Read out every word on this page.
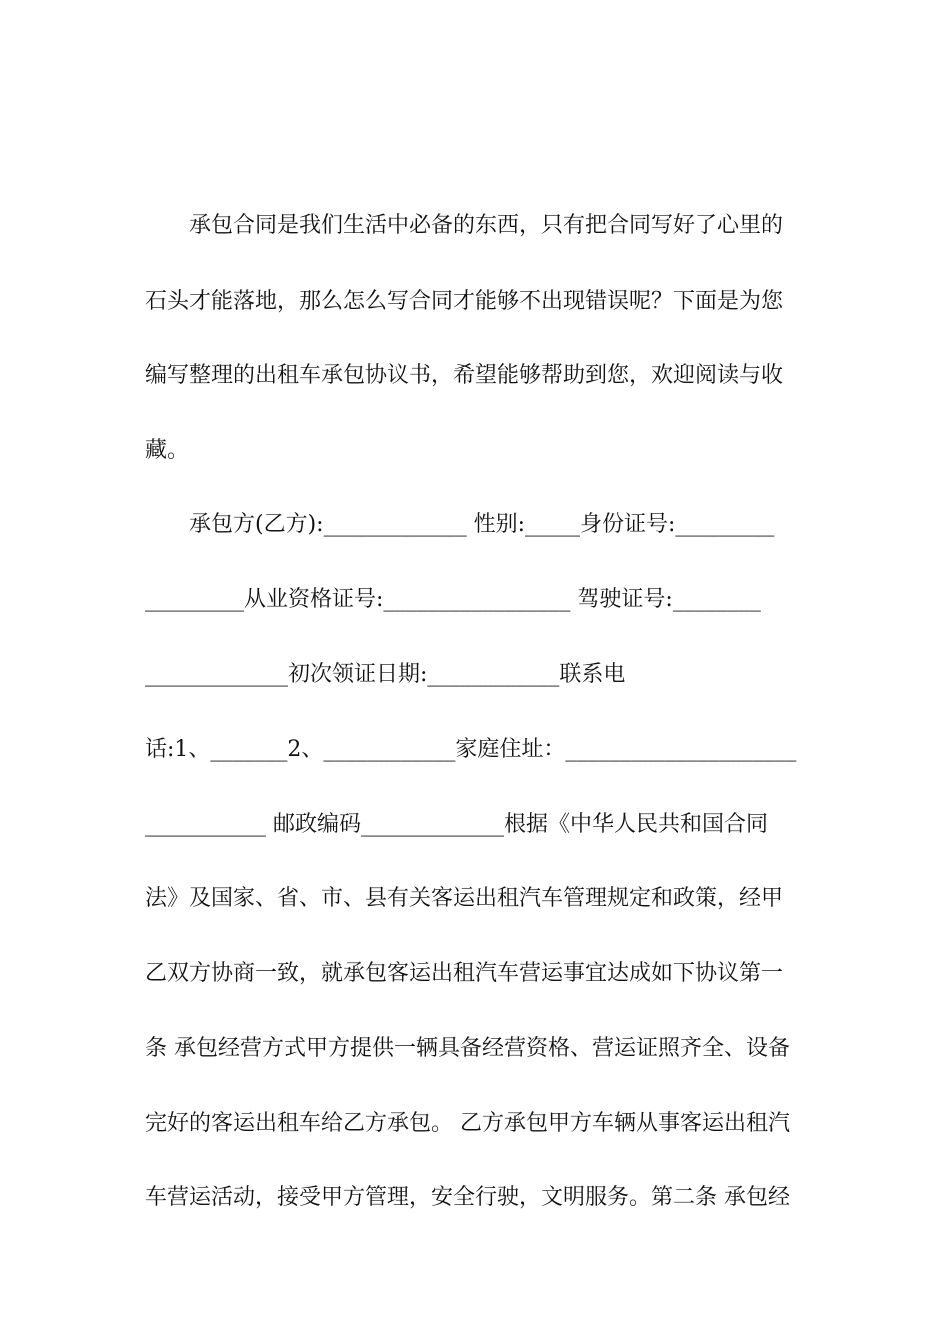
　　承包合同是我们生活中必备的东西，只有把合同写好了心里的
石头才能落地，那么怎么写合同才能够不出现错误呢？下面是为您
编写整理的出租车承包协议书，希望能够帮助到您，欢迎阅读与收
藏。
　　承包方(乙方):_____________ 性别:_____身份证号:_________
_________从业资格证号:_________________ 驾驶证号:________
_____________初次领证日期:____________联系电
话:1、_______2、____________家庭住址：_____________________
___________ 邮政编码_____________根据《中华人民共和国合同
法》及国家、省、市、县有关客运出租汽车管理规定和政策，经甲
乙双方协商一致，就承包客运出租汽车营运事宜达成如下协议第一
条 承包经营方式甲方提供一辆具备经营资格、营运证照齐全、设备
完好的客运出租车给乙方承包。 乙方承包甲方车辆从事客运出租汽
车营运活动，接受甲方管理，安全行驶，文明服务。第二条 承包经
